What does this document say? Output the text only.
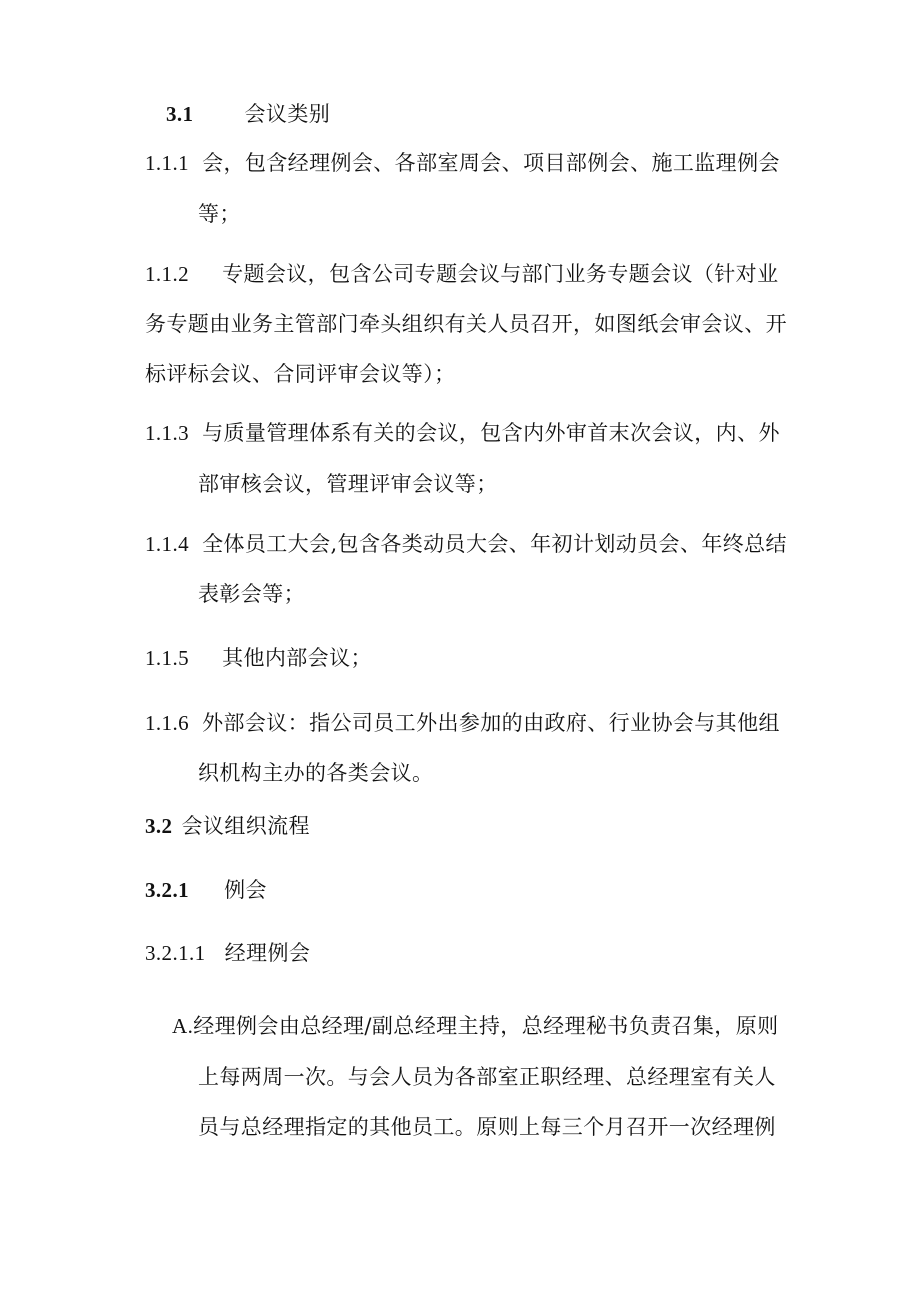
3.1 会议类别
1.1.1 会，包含经理例会、各部室周会、项目部例会、施工监理例会
等；
1.1.2 专题会议，包含公司专题会议与部门业务专题会议（针对业
务专题由业务主管部门牵头组织有关人员召开，如图纸会审会议、开
标评标会议、合同评审会议等）；
1.1.3 与质量管理体系有关的会议，包含内外审首末次会议，内、外
部审核会议，管理评审会议等；
1.1.4 全体员工大会,包含各类动员大会、年初计划动员会、年终总结
表彰会等；
1.1.5 其他内部会议；
1.1.6 外部会议：指公司员工外出参加的由政府、行业协会与其他组
织机构主办的各类会议。
3.2 会议组织流程
3.2.1 例会
3.2.1.1 经理例会
A.经理例会由总经理/副总经理主持，总经理秘书负责召集，原则
上每两周一次。与会人员为各部室正职经理、总经理室有关人
员与总经理指定的其他员工。原则上每三个月召开一次经理例
